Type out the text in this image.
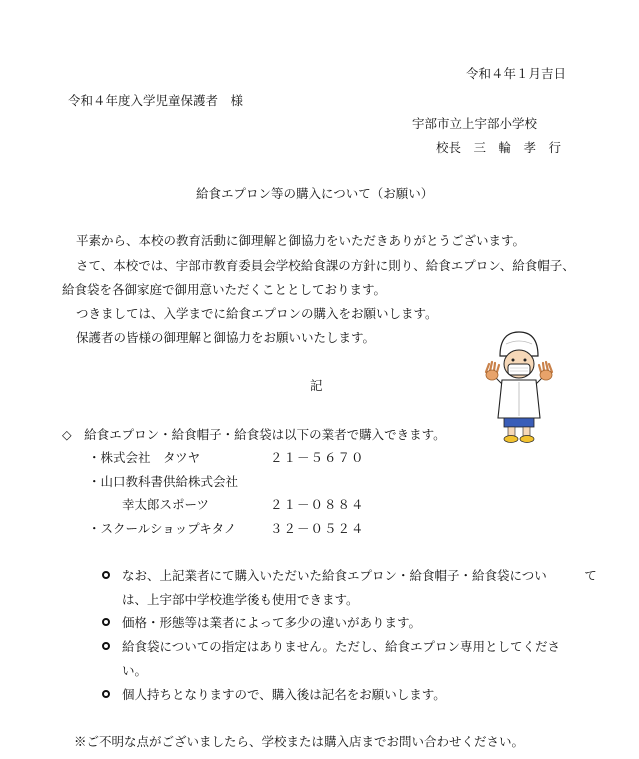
令和４年１月吉日
令和４年度入学児童保護者　様
宇部市立上宇部小学校
校長　三　輪　孝　行
給食エプロン等の購入について（お願い）
平素から、本校の教育活動に御理解と御協力をいただきありがとうございます。
さて、本校では、宇部市教育委員会学校給食課の方針に則り、給食エプロン、給食帽子、
給食袋を各御家庭で御用意いただくこととしております。
つきましては、入学までに給食エプロンの購入をお願いします。
保護者の皆様の御理解と御協力をお願いいたします。
記
◇　給食エプロン・給食帽子・給食袋は以下の業者で購入できます。
・株式会社　タツヤ	２１－５６７０
・山口教科書供給株式会社
幸太郎スポーツ	２１－０８８４
・スクールショップキタノ	３２－０５２４
なお、上記業者にて購入いただいた給食エプロン・給食帽子・給食袋につい　　　て
は、上宇部中学校進学後も使用できます。
価格・形態等は業者によって多少の違いがあります。
給食袋についての指定はありません。ただし、給食エプロン専用としてくださ
い。
個人持ちとなりますので、購入後は記名をお願いします。
※ご不明な点がございましたら、学校または購入店までお問い合わせください。
